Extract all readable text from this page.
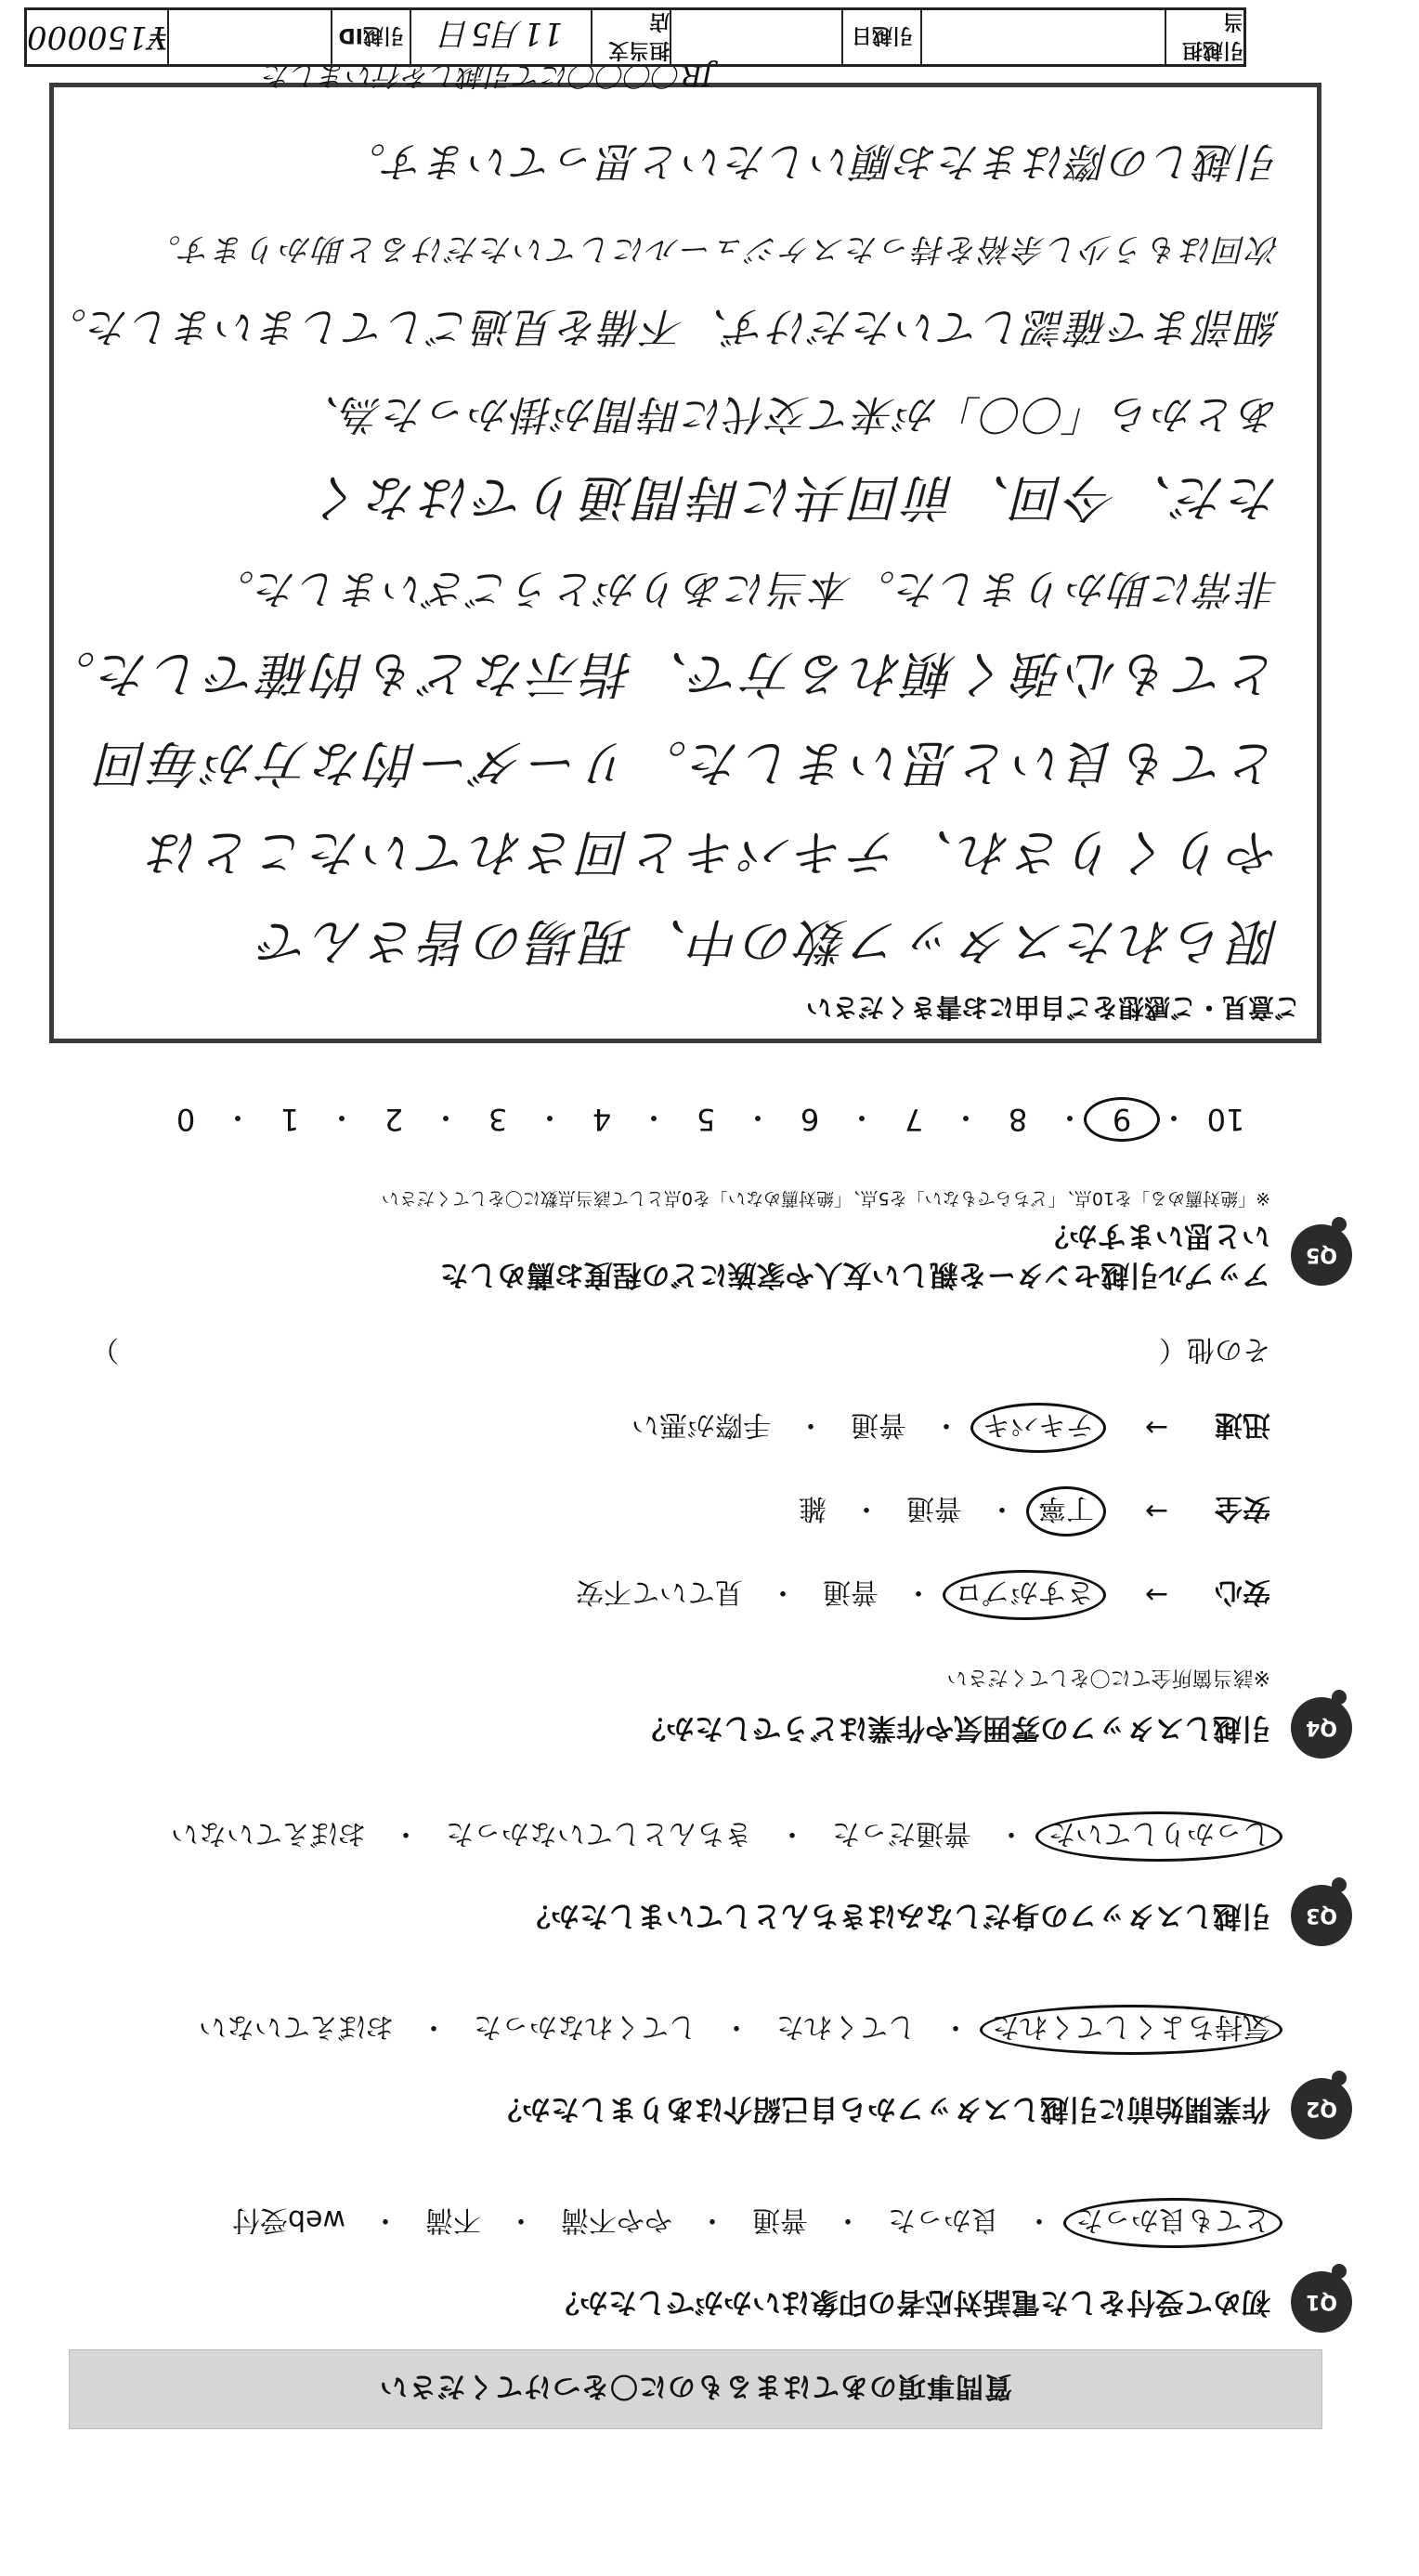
質問事項のあてはまるものに〇をつけてください
Q1
初めて受付をした電話対応者の印象はいかがでしたか？
とても良かった
・
良かった
・
普通
・
やや不満
・
不満
・
web受付
Q2
作業開始前に引越しスタッフから自己紹介はありましたか？
気持ちよくしてくれた
・
してくれた
・
してくれなかった
・
おぼえていない
Q3
引越しスタッフの身だしなみはきちんとしていましたか？
しっかりしていた
・
普通だった
・
きちんとしていなかった
・
おぼえていない
Q4
引越しスタッフの雰囲気や作業はどうでしたか？
※該当箇所全てに〇をしてください
安心
→
さすがプロ
・
普通
・
見ていて不安
安全
→
丁寧
・
普通
・
雑
迅速
→
テキパキ
・
普通
・
手際が悪い
その他
（
）
Q5
アップル引越センターを親しい友人や家族にどの程度お薦めしたいと思いますか？
※「絶対薦める」を10点、「どちらでもない」を5点、「絶対薦めない」を0点として該当点数に〇をしてください
10
・
9
・
8
・
7
・
6
・
5
・
4
・
3
・
2
・
1
・
0
ご意見・ご感想をご自由にお書きください
限られたスタッフ数の中、現場の皆さんで
やりくりされ、テキパキと回されていたことは
とても良いと思いました。リーダー的な方が毎回
とても心強く頼れる方で、指示なども的確でした。
非常に助かりました。本当にありがとうございました。
ただ、今回、前回共に時間通りではなく
あとから「〇〇」が来て交代に時間が掛かった為、
細部まで確認していただけず、不備を見過ごしてしまいました。
次回はもう少し余裕を持ったスケジュールにしていただけると助かります。
引越しの際はまたお願いしたいと思っています。
JR〇〇〇〇にて引越しを行いました
引越担当
引越日
担当支店
11月5日
引越ID
¥150000
